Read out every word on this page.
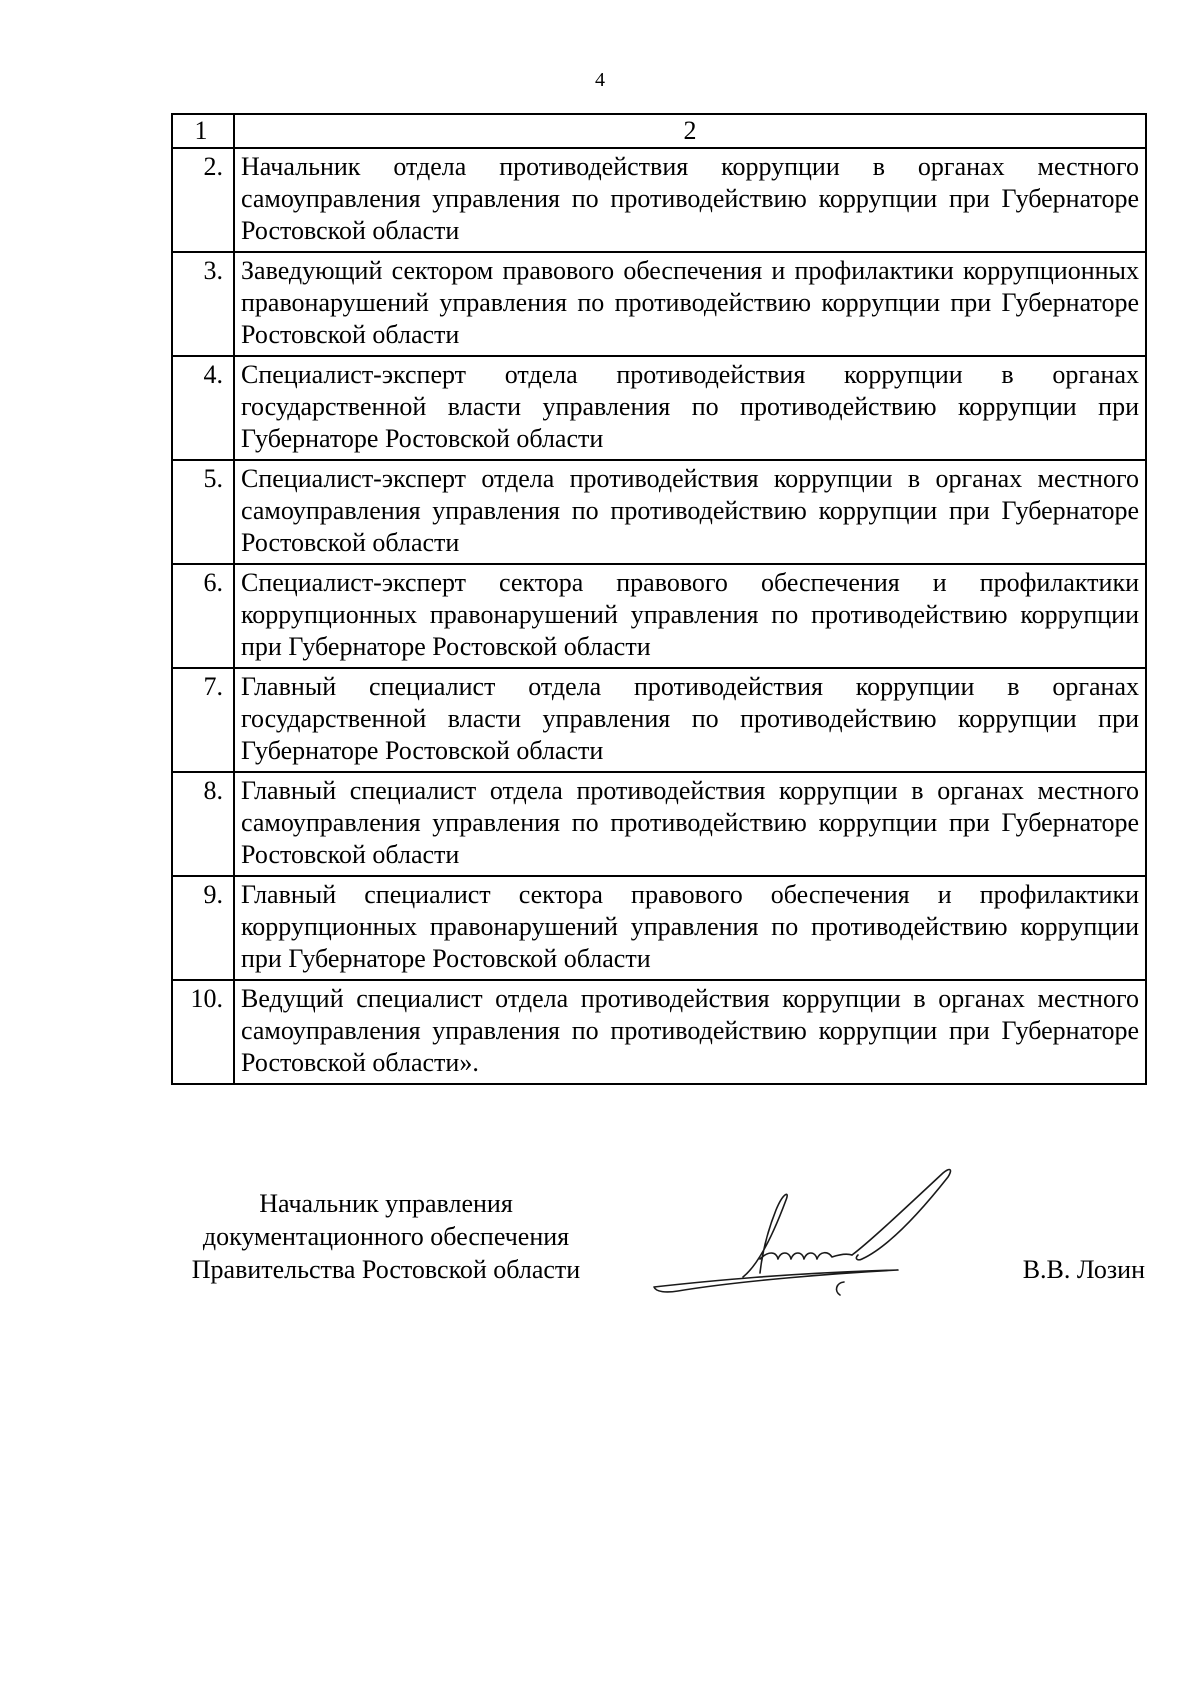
4
1	2
2.	Начальник отдела противодействия коррупции в органах местного самоуправления управления по противодействию коррупции при Губернаторе Ростовской области
3.	Заведующий сектором правового обеспечения и профилактики коррупционных правонарушений управления по противодействию коррупции при Губернаторе Ростовской области
4.	Специалист-эксперт отдела противодействия коррупции в органах государственной власти управления по противодействию коррупции при Губернаторе Ростовской области
5.	Специалист-эксперт отдела противодействия коррупции в органах местного самоуправления управления по противодействию коррупции при Губернаторе Ростовской области
6.	Специалист-эксперт сектора правового обеспечения и профилактики коррупционных правонарушений управления по противодействию коррупции при Губернаторе Ростовской области
7.	Главный специалист отдела противодействия коррупции в органах государственной власти управления по противодействию коррупции при Губернаторе Ростовской области
8.	Главный специалист отдела противодействия коррупции в органах местного самоуправления управления по противодействию коррупции при Губернаторе Ростовской области
9.	Главный специалист сектора правового обеспечения и профилактики коррупционных правонарушений управления по противодействию коррупции при Губернаторе Ростовской области
10.	Ведущий специалист отдела противодействия коррупции в органах местного самоуправления управления по противодействию коррупции при Губернаторе Ростовской области».
Начальник управления
документационного обеспечения
Правительства Ростовской области	В.В. Лозин
